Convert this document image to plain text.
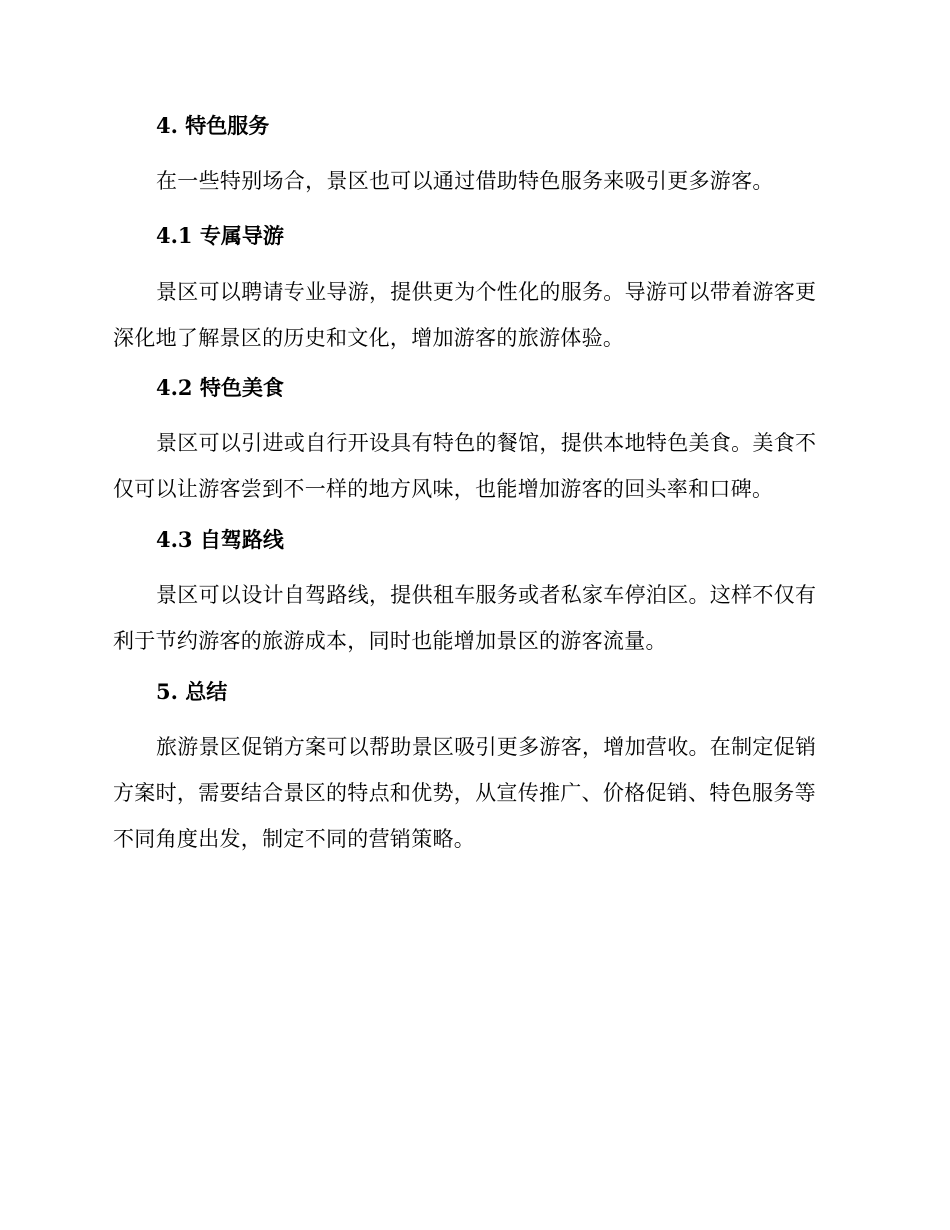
4. 特色服务

在一些特别场合，景区也可以通过借助特色服务来吸引更多游客。

4.1 专属导游

景区可以聘请专业导游，提供更为个性化的服务。导游可以带着游客更深化地了解景区的历史和文化，增加游客的旅游体验。

4.2 特色美食

景区可以引进或自行开设具有特色的餐馆，提供本地特色美食。美食不仅可以让游客尝到不一样的地方风味，也能增加游客的回头率和口碑。

4.3 自驾路线

景区可以设计自驾路线，提供租车服务或者私家车停泊区。这样不仅有利于节约游客的旅游成本，同时也能增加景区的游客流量。

5. 总结

旅游景区促销方案可以帮助景区吸引更多游客，增加营收。在制定促销方案时，需要结合景区的特点和优势，从宣传推广、价格促销、特色服务等不同角度出发，制定不同的营销策略。
